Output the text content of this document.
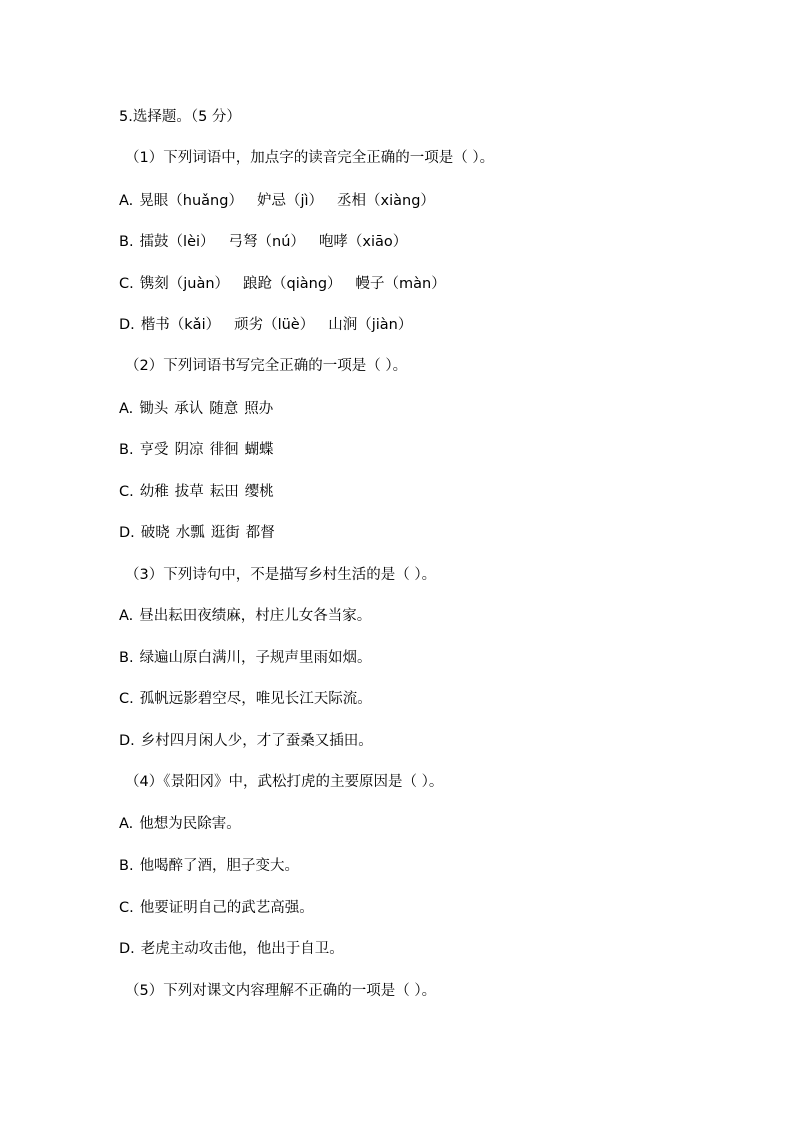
5.选择题。（5 分）
（1）下列词语中，加点字的读音完全正确的一项是（ ）。
A. 晃眼（huǎng） 妒忌（jì） 丞相（xiàng）
B. 擂鼓（lèi） 弓弩（nú） 咆哮（xiāo）
C. 镌刻（juàn） 踉跄（qiàng） 幔子（màn）
D. 楷书（kǎi） 顽劣（lüè） 山涧（jiàn）
（2）下列词语书写完全正确的一项是（ ）。
A. 锄头 承认 随意 照办
B. 亨受 阴凉 徘徊 蝴蝶
C. 幼稚 拔草 耘田 缨桃
D. 破晓 水瓢 逛街 都督
（3）下列诗句中，不是描写乡村生活的是（ ）。
A. 昼出耘田夜绩麻，村庄儿女各当家。
B. 绿遍山原白满川，子规声里雨如烟。
C. 孤帆远影碧空尽，唯见长江天际流。
D. 乡村四月闲人少，才了蚕桑又插田。
（4）《景阳冈》中，武松打虎的主要原因是（ ）。
A. 他想为民除害。
B. 他喝醉了酒，胆子变大。
C. 他要证明自己的武艺高强。
D. 老虎主动攻击他，他出于自卫。
（5）下列对课文内容理解不正确的一项是（ ）。
